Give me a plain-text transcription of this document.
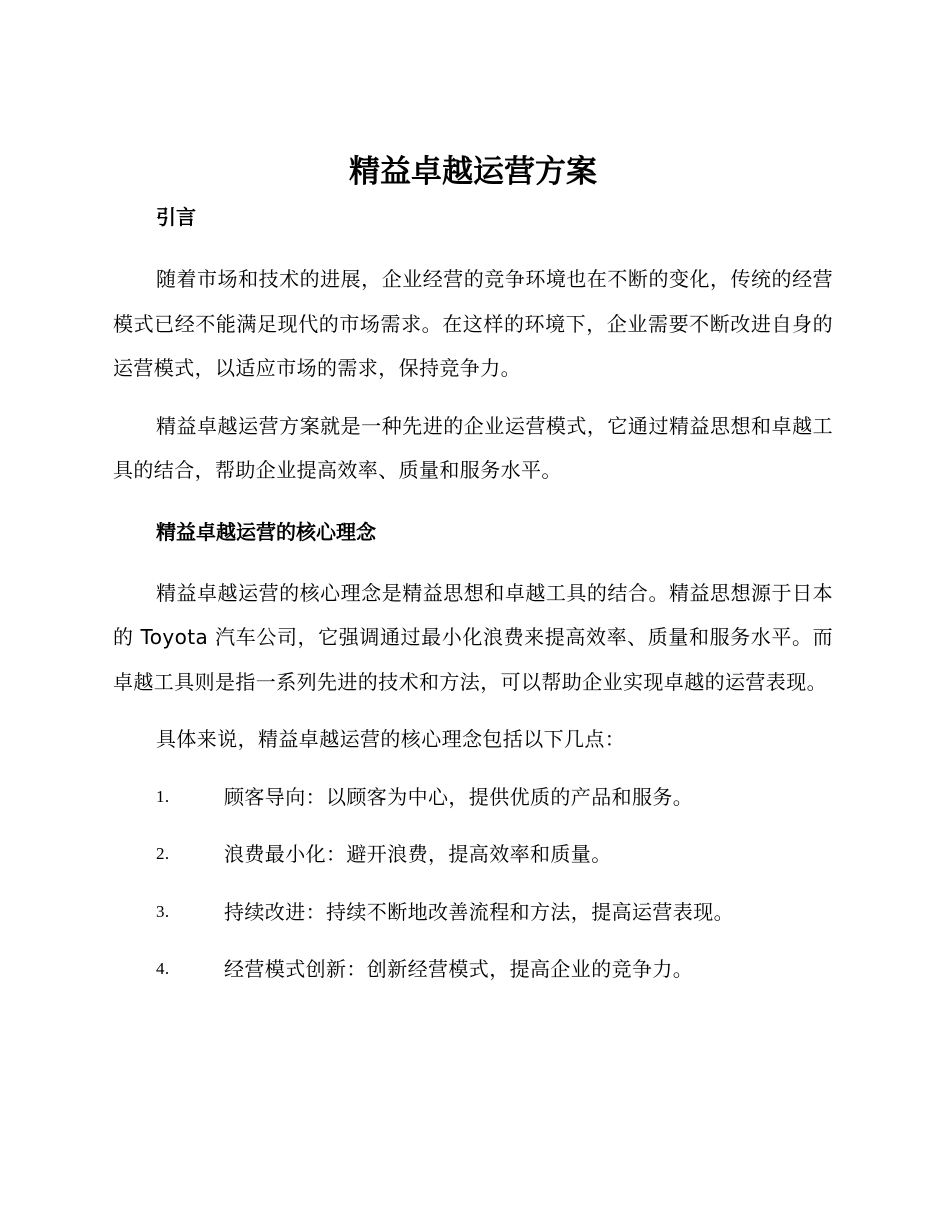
精益卓越运营方案
引言

随着市场和技术的进展，企业经营的竞争环境也在不断的变化，传统的经营模式已经不能满足现代的市场需求。在这样的环境下，企业需要不断改进自身的运营模式，以适应市场的需求，保持竞争力。

精益卓越运营方案就是一种先进的企业运营模式，它通过精益思想和卓越工具的结合，帮助企业提高效率、质量和服务水平。

精益卓越运营的核心理念

精益卓越运营的核心理念是精益思想和卓越工具的结合。精益思想源于日本的 Toyota 汽车公司，它强调通过最小化浪费来提高效率、质量和服务水平。而卓越工具则是指一系列先进的技术和方法，可以帮助企业实现卓越的运营表现。

具体来说，精益卓越运营的核心理念包括以下几点：

1.	顾客导向：以顾客为中心，提供优质的产品和服务。
2.	浪费最小化：避开浪费，提高效率和质量。
3.	持续改进：持续不断地改善流程和方法，提高运营表现。
4.	经营模式创新：创新经营模式，提高企业的竞争力。
